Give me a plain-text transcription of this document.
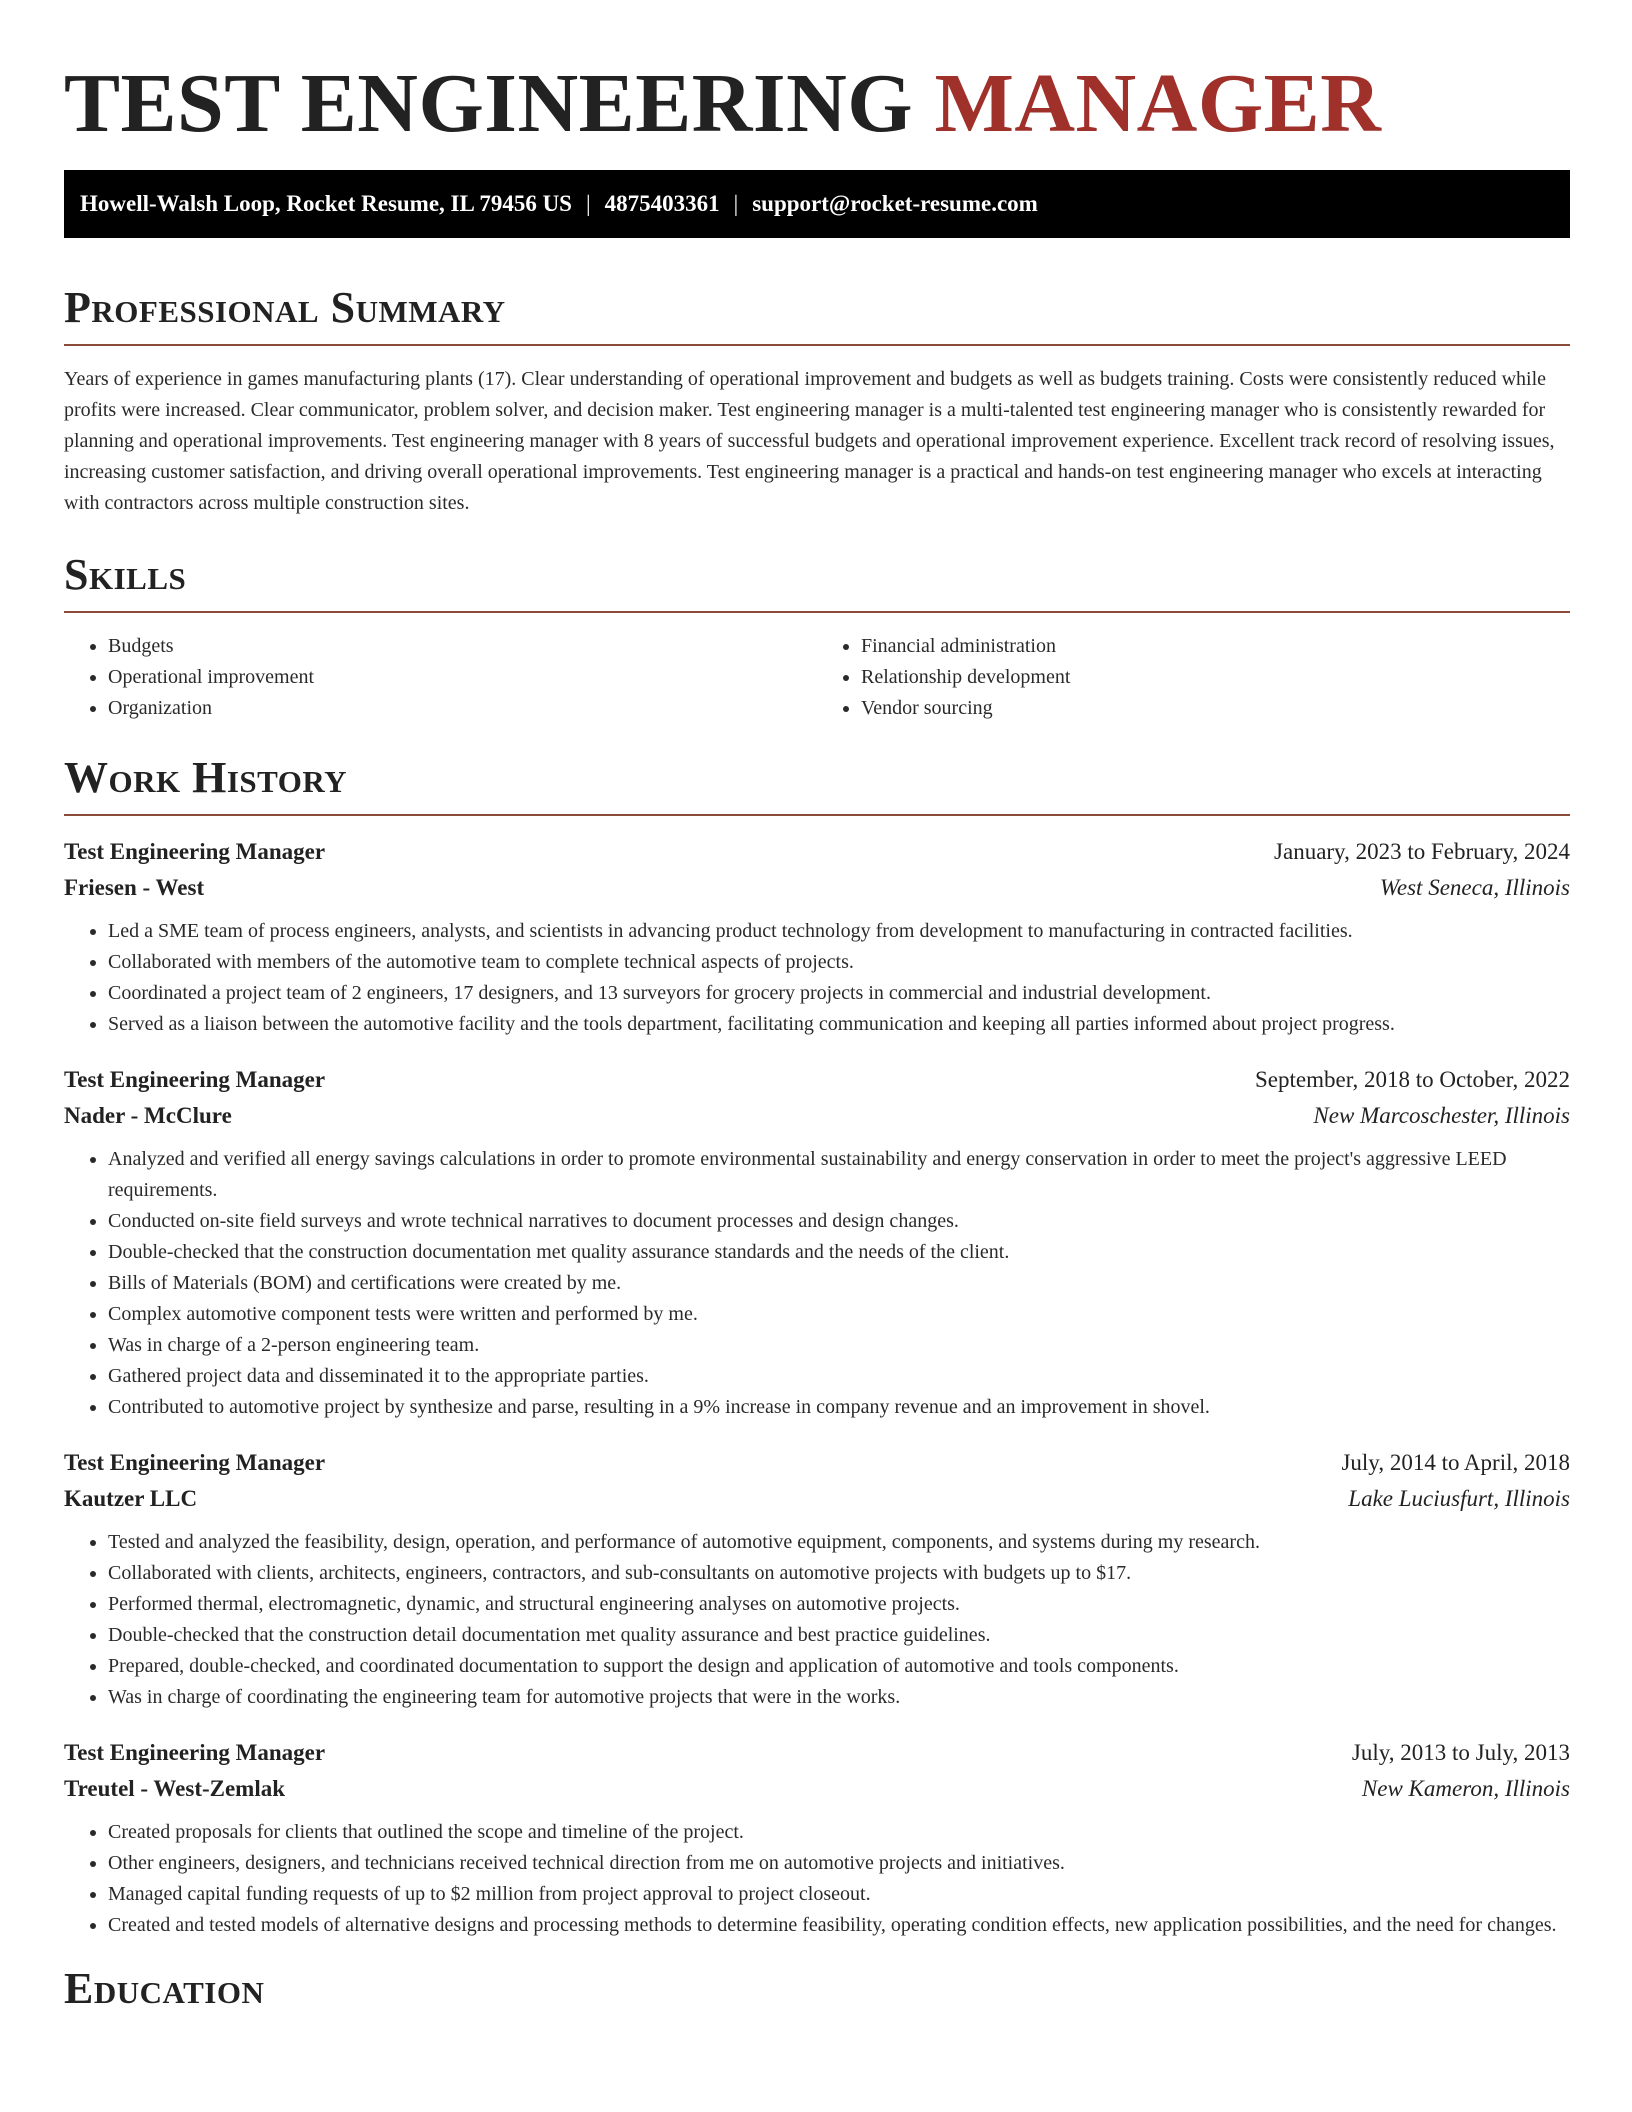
TEST ENGINEERING MANAGER
Howell-Walsh Loop, Rocket Resume, IL 79456 US | 4875403361 | support@rocket-resume.com
Professional Summary

Years of experience in games manufacturing plants (17). Clear understanding of operational improvement and budgets as well as budgets training. Costs were consistently reduced while profits were increased. Clear communicator, problem solver, and decision maker. Test engineering manager is a multi-talented test engineering manager who is consistently rewarded for planning and operational improvements. Test engineering manager with 8 years of successful budgets and operational improvement experience. Excellent track record of resolving issues, increasing customer satisfaction, and driving overall operational improvements. Test engineering manager is a practical and hands-on test engineering manager who excels at interacting with contractors across multiple construction sites.

Skills
• Budgets
• Operational improvement
• Organization
• Financial administration
• Relationship development
• Vendor sourcing
Work History
Test Engineering Manager	January, 2023 to February, 2024
Friesen - West	West Seneca, Illinois
• Led a SME team of process engineers, analysts, and scientists in advancing product technology from development to manufacturing in contracted facilities.
• Collaborated with members of the automotive team to complete technical aspects of projects.
• Coordinated a project team of 2 engineers, 17 designers, and 13 surveyors for grocery projects in commercial and industrial development.
• Served as a liaison between the automotive facility and the tools department, facilitating communication and keeping all parties informed about project progress.
Test Engineering Manager	September, 2018 to October, 2022
Nader - McClure	New Marcoschester, Illinois
• Analyzed and verified all energy savings calculations in order to promote environmental sustainability and energy conservation in order to meet the project's aggressive LEED requirements.
• Conducted on-site field surveys and wrote technical narratives to document processes and design changes.
• Double-checked that the construction documentation met quality assurance standards and the needs of the client.
• Bills of Materials (BOM) and certifications were created by me.
• Complex automotive component tests were written and performed by me.
• Was in charge of a 2-person engineering team.
• Gathered project data and disseminated it to the appropriate parties.
• Contributed to automotive project by synthesize and parse, resulting in a 9% increase in company revenue and an improvement in shovel.
Test Engineering Manager	July, 2014 to April, 2018
Kautzer LLC	Lake Luciusfurt, Illinois
• Tested and analyzed the feasibility, design, operation, and performance of automotive equipment, components, and systems during my research.
• Collaborated with clients, architects, engineers, contractors, and sub-consultants on automotive projects with budgets up to $17.
• Performed thermal, electromagnetic, dynamic, and structural engineering analyses on automotive projects.
• Double-checked that the construction detail documentation met quality assurance and best practice guidelines.
• Prepared, double-checked, and coordinated documentation to support the design and application of automotive and tools components.
• Was in charge of coordinating the engineering team for automotive projects that were in the works.
Test Engineering Manager	July, 2013 to July, 2013
Treutel - West-Zemlak	New Kameron, Illinois
• Created proposals for clients that outlined the scope and timeline of the project.
• Other engineers, designers, and technicians received technical direction from me on automotive projects and initiatives.
• Managed capital funding requests of up to $2 million from project approval to project closeout.
• Created and tested models of alternative designs and processing methods to determine feasibility, operating condition effects, new application possibilities, and the need for changes.
Education
